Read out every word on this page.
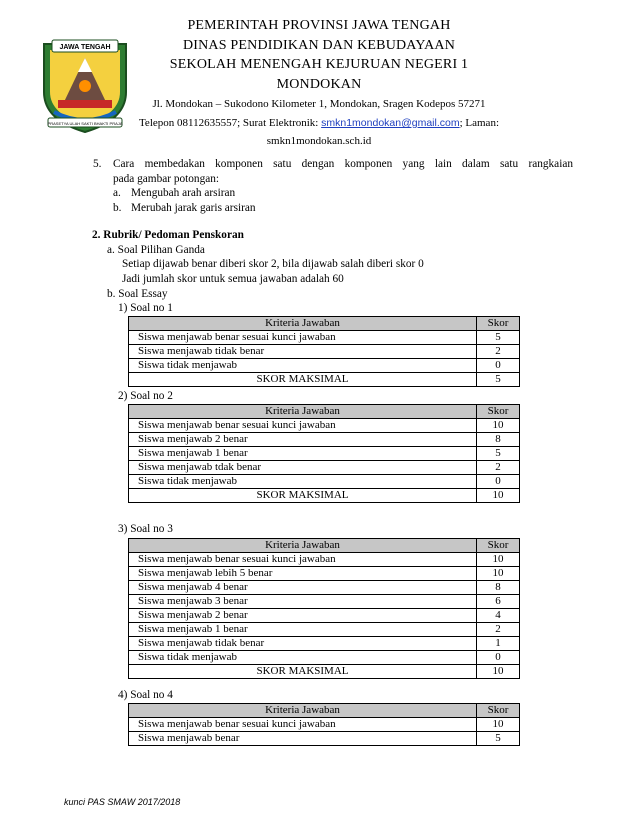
JAWA TENGAH
PRASETYA ULAH SAKTI BHAKTI PRAJA
PEMERINTAH PROVINSI JAWA TENGAH
DINAS PENDIDIKAN DAN KEBUDAYAAN
SEKOLAH MENENGAH KEJURUAN NEGERI 1
MONDOKAN
Jl. Mondokan – Sukodono Kilometer 1, Mondokan, Sragen Kodepos 57271
Telepon 08112635557; Surat Elektronik: smkn1mondokan@gmail.com; Laman:
smkn1mondokan.sch.id
5. Cara membedakan komponen satu dengan komponen yang lain dalam satu rangkaian
pada gambar potongan:
a. Mengubah arah arsiran
b. Merubah jarak garis arsiran
2. Rubrik/ Pedoman Penskoran
a. Soal Pilihan Ganda
Setiap dijawab benar diberi skor 2, bila dijawab salah diberi skor 0
Jadi jumlah skor untuk semua jawaban adalah 60
b. Soal Essay
1) Soal no 1
Kriteria Jawaban	Skor
Siswa menjawab benar sesuai kunci jawaban	5
Siswa menjawab tidak benar	2
Siswa tidak menjawab	0
SKOR MAKSIMAL	5
2) Soal no 2
Kriteria Jawaban	Skor
Siswa menjawab benar sesuai kunci jawaban	10
Siswa menjawab 2 benar	8
Siswa menjawab 1 benar	5
Siswa menjawab tdak benar	2
Siswa tidak menjawab	0
SKOR MAKSIMAL	10
3) Soal no 3
Kriteria Jawaban	Skor
Siswa menjawab benar sesuai kunci jawaban	10
Siswa menjawab lebih 5 benar	10
Siswa menjawab 4 benar	8
Siswa menjawab 3 benar	6
Siswa menjawab 2 benar	4
Siswa menjawab 1 benar	2
Siswa menjawab tidak benar	1
Siswa tidak menjawab	0
SKOR MAKSIMAL	10
4) Soal no 4
Kriteria Jawaban	Skor
Siswa menjawab benar sesuai kunci jawaban	10
Siswa menjawab benar	5
kunci PAS SMAW 2017/2018
